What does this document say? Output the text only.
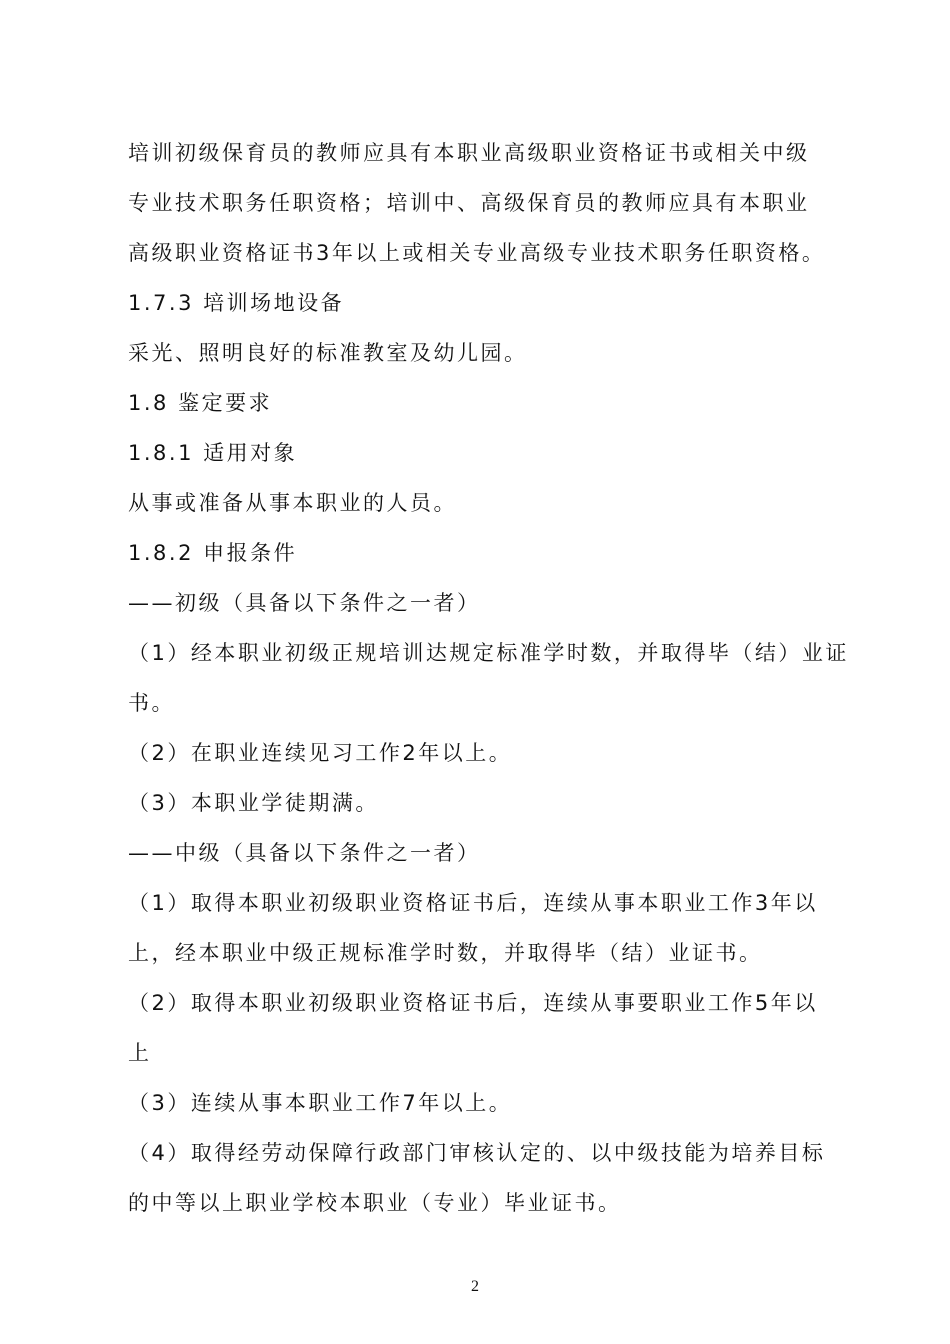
培训初级保育员的教师应具有本职业高级职业资格证书或相关中级
专业技术职务任职资格；培训中、高级保育员的教师应具有本职业
高级职业资格证书3年以上或相关专业高级专业技术职务任职资格。
1.7.3 培训场地设备
采光、照明良好的标准教室及幼儿园。
1.8 鉴定要求
1.8.1 适用对象
从事或准备从事本职业的人员。
1.8.2 申报条件
——初级（具备以下条件之一者）
（1）经本职业初级正规培训达规定标准学时数，并取得毕（结）业证
书。
（2）在职业连续见习工作2年以上。
（3）本职业学徒期满。
——中级（具备以下条件之一者）
（1）取得本职业初级职业资格证书后，连续从事本职业工作3年以
上，经本职业中级正规标准学时数，并取得毕（结）业证书。
（2）取得本职业初级职业资格证书后，连续从事要职业工作5年以
上
（3）连续从事本职业工作7年以上。
（4）取得经劳动保障行政部门审核认定的、以中级技能为培养目标
的中等以上职业学校本职业（专业）毕业证书。
2
